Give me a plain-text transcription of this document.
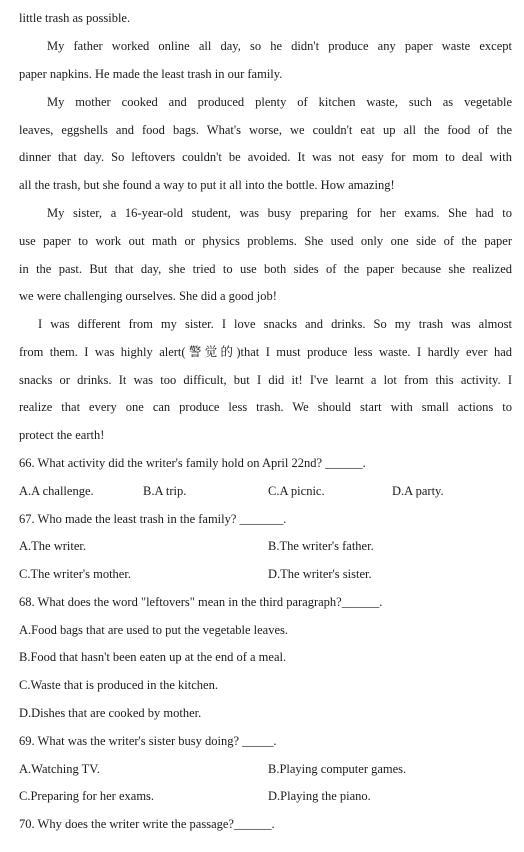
little trash as possible.
My father worked online all day, so he didn't produce any paper waste except
paper napkins. He made the least trash in our family.
My mother cooked and produced plenty of kitchen waste, such as vegetable
leaves, eggshells and food bags. What's worse, we couldn't eat up all the food of the
dinner that day. So leftovers couldn't be avoided. It was not easy for mom to deal with
all the trash, but she found a way to put it all into the bottle. How amazing!
My sister, a 16-year-old student, was busy preparing for her exams. She had to
use paper to work out math or physics problems. She used only one side of the paper
in the past. But that day, she tried to use both sides of the paper because she realized
we were challenging ourselves. She did a good job!
I was different from my sister. I love snacks and drinks. So my trash was almost
from them. I was highly alert(警觉的)that I must produce less waste. I hardly ever had
snacks or drinks. It was too difficult, but I did it! I've learnt a lot from this activity. I
realize that every one can produce less trash. We should start with small actions to
protect the earth!
66. What activity did the writer's family hold on April 22nd? ______.
A.A challenge.	B.A trip.	C.A picnic.	D.A party.
67. Who made the least trash in the family? _______.
A.The writer.	B.The writer's father.
C.The writer's mother.	D.The writer's sister.
68. What does the word "leftovers" mean in the third paragraph?______.
A.Food bags that are used to put the vegetable leaves.
B.Food that hasn't been eaten up at the end of a meal.
C.Waste that is produced in the kitchen.
D.Dishes that are cooked by mother.
69. What was the writer's sister busy doing? _____.
A.Watching TV.	B.Playing computer games.
C.Preparing for her exams.	D.Playing the piano.
70. Why does the writer write the passage?______.
